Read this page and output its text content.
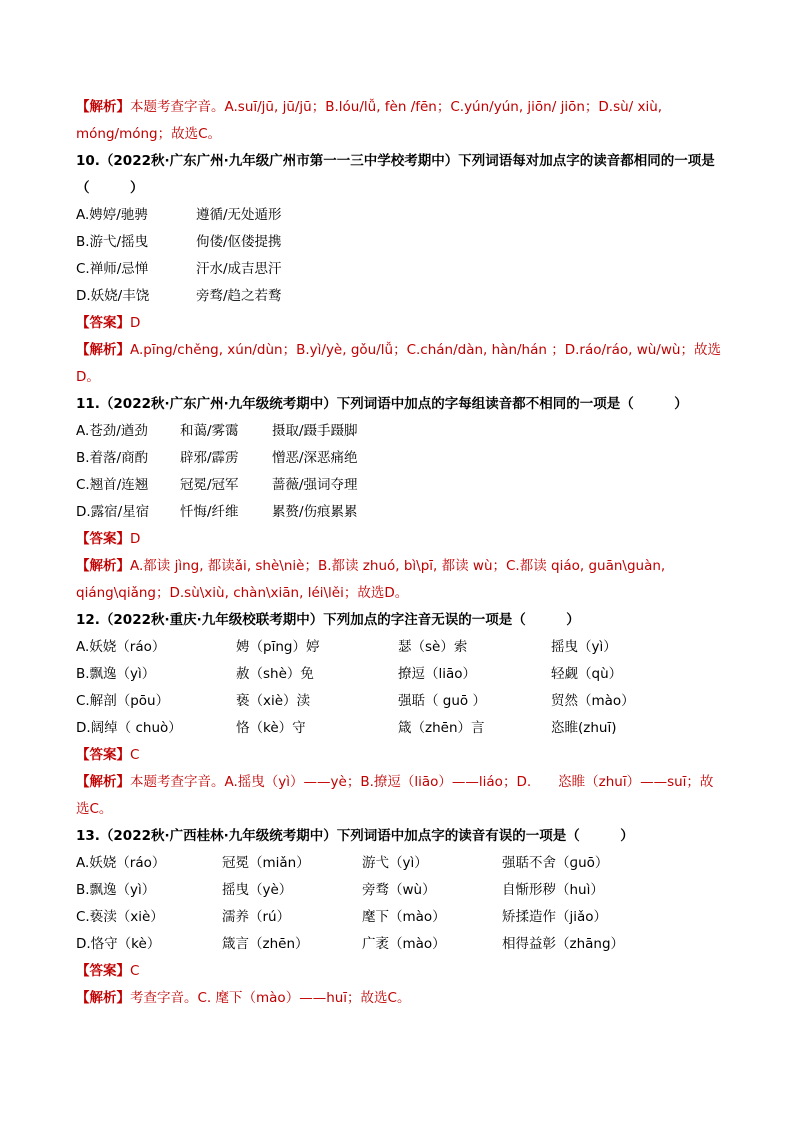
【解析】本题考查字音。A.suī/jū, jū/jū；B.lóu/lǚ, fèn /fēn；C.yún/yún, jiōn/ jiōn；D.sù/ xiù, móng/móng；故选C。
10.（2022秋·广东广州·九年级广州市第一一三中学校考期中）下列词语每对加点字的读音都相同的一项是（　　　）
A.娉婷/驰骋	遵循/无处遁形
B.游弋/摇曳	佝偻/伛偻提携
C.禅师/忌惮	汗水/成吉思汗
D.妖娆/丰饶	旁骛/趋之若鹜
【答案】D
【解析】A.pīng/chěng, xún/dùn；B.yì/yè, gǒu/lǚ；C.chán/dàn, hàn/hán ；D.ráo/ráo, wù/wù；故选D。
11.（2022秋·广东广州·九年级统考期中）下列词语中加点的字每组读音都不相同的一项是（　　　）
A.苍劲/遒劲 和蔼/雾霭 摄取/蹑手蹑脚
B.着落/商酌 辟邪/霹雳 憎恶/深恶痛绝
C.翘首/连翘 冠冕/冠军 蔷薇/强词夺理
D.露宿/星宿 忏悔/纤维 累赘/伤痕累累
【答案】D
【解析】A.都读 jìng, 都读ǎi, shè\niè；B.都读 zhuó, bì\pī, 都读 wù；C.都读 qiáo, guān\guàn, qiáng\qiǎng；D.sù\xiù, chàn\xiān, léi\lěi；故选D。
12.（2022秋·重庆·九年级校联考期中）下列加点的字注音无误的一项是（　　　）
A.妖娆（ráo）	娉（pīng）婷	瑟（sè）索	摇曳（yì）
B.飘逸（yì）	赦（shè）免	撩逗（liāo）	轻觑（qù）
C.解剖（pōu）	亵（xiè）渎	强聒（ guō ）	贸然（mào）
D.阔绰（ chuò）	恪（kè）守	箴（zhēn）言	恣睢(zhuī)
【答案】C
【解析】本题考查字音。A.摇曳（yì）——yè；B.撩逗（liāo）——liáo；D.　　恣睢（zhuī）——suī；故选C。
13.（2022秋·广西桂林·九年级统考期中）下列词语中加点字的读音有误的一项是（　　　）
A.妖娆（ráo）	冠冕（miǎn）	游弋（yì）	强聒不舍（ɡuō）
B.飘逸（yì）	摇曳（yè）	旁骛（wù）	自惭形秽（huì）
C.亵渎（xiè）	濡养（rú）	麾下（mào）	矫揉造作（jiǎo）
D.恪守（kè）	箴言（zhēn）	广袤（mào）	相得益彰（zhāng）
【答案】C
【解析】考查字音。C. 麾下（mào）——huī；故选C。
